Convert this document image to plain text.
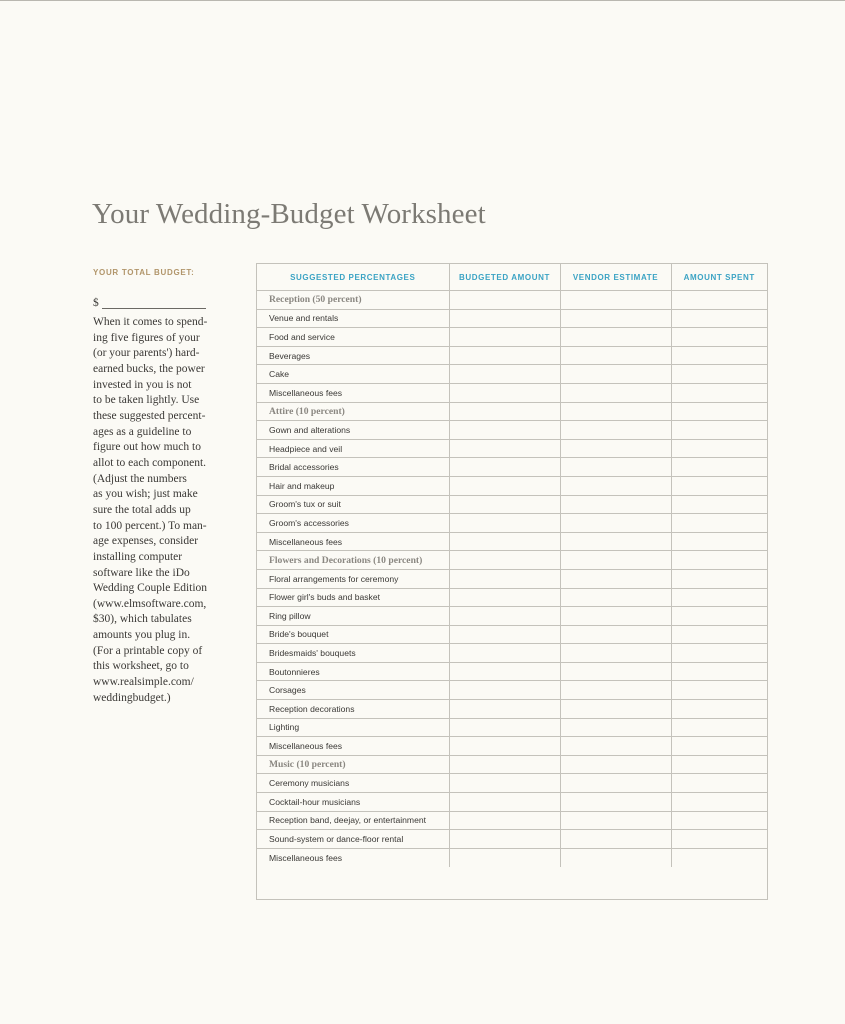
Your Wedding-Budget Worksheet

YOUR TOTAL BUDGET:

$
When it comes to spend-
ing five figures of your
(or your parents') hard-
earned bucks, the power
invested in you is not
to be taken lightly. Use
these suggested percent-
ages as a guideline to
figure out how much to
allot to each component.
(Adjust the numbers
as you wish; just make
sure the total adds up
to 100 percent.) To man-
age expenses, consider
installing computer
software like the iDo
Wedding Couple Edition
(www.elmsoftware.com,
$30), which tabulates
amounts you plug in.
(For a printable copy of
this worksheet, go to
www.realsimple.com/
weddingbudget.)
SUGGESTED PERCENTAGES	BUDGETED AMOUNT	VENDOR ESTIMATE	AMOUNT SPENT
Reception (50 percent)			
Venue and rentals			
Food and service			
Beverages			
Cake			
Miscellaneous fees			
Attire (10 percent)			
Gown and alterations			
Headpiece and veil			
Bridal accessories			
Hair and makeup			
Groom's tux or suit			
Groom's accessories			
Miscellaneous fees			
Flowers and Decorations (10 percent)			
Floral arrangements for ceremony			
Flower girl's buds and basket			
Ring pillow			
Bride's bouquet			
Bridesmaids' bouquets			
Boutonnieres			
Corsages			
Reception decorations			
Lighting			
Miscellaneous fees			
Music (10 percent)			
Ceremony musicians			
Cocktail-hour musicians			
Reception band, deejay, or entertainment			
Sound-system or dance-floor rental			
Miscellaneous fees			
